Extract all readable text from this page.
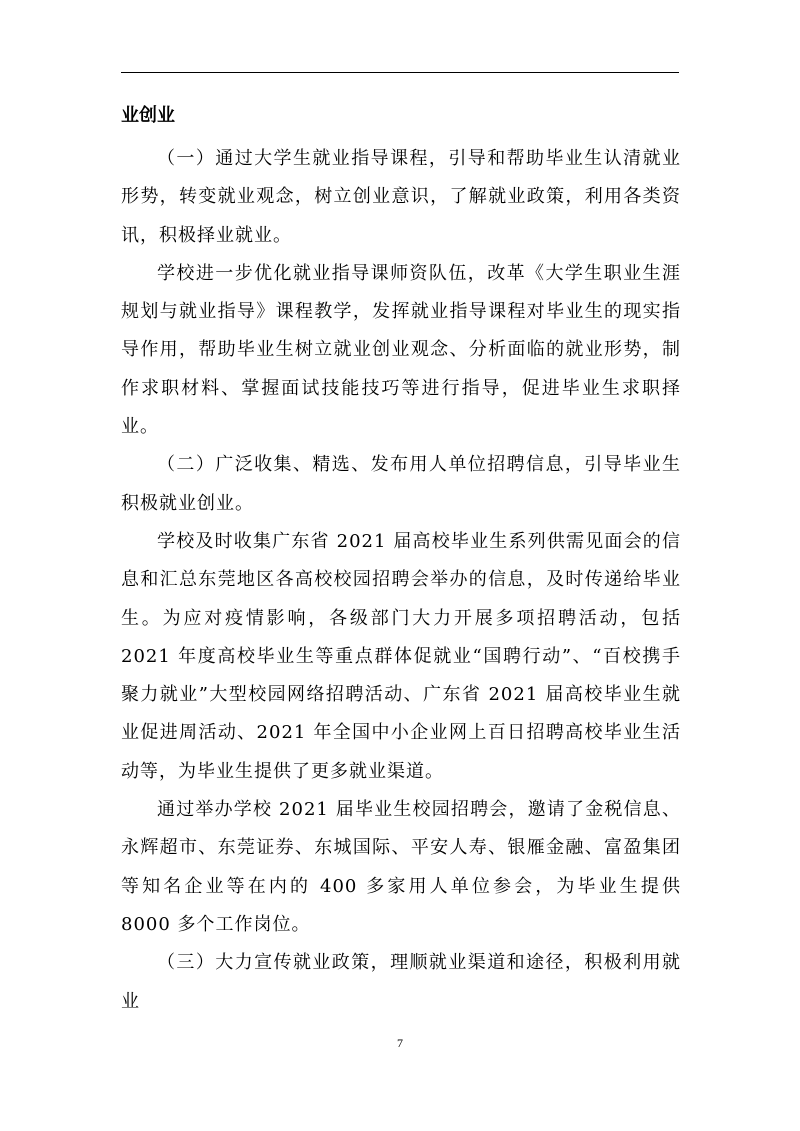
业创业

（一）通过大学生就业指导课程，引导和帮助毕业生认清就业形势，转变就业观念，树立创业意识，了解就业政策，利用各类资讯，积极择业就业。

学校进一步优化就业指导课师资队伍，改革《大学生职业生涯规划与就业指导》课程教学，发挥就业指导课程对毕业生的现实指导作用，帮助毕业生树立就业创业观念、分析面临的就业形势，制作求职材料、掌握面试技能技巧等进行指导，促进毕业生求职择业。

（二）广泛收集、精选、发布用人单位招聘信息，引导毕业生积极就业创业。

学校及时收集广东省 2021 届高校毕业生系列供需见面会的信息和汇总东莞地区各高校校园招聘会举办的信息，及时传递给毕业生。为应对疫情影响，各级部门大力开展多项招聘活动，包括 2021 年度高校毕业生等重点群体促就业“国聘行动”、“百校携手 聚力就业”大型校园网络招聘活动、广东省 2021 届高校毕业生就业促进周活动、2021 年全国中小企业网上百日招聘高校毕业生活动等，为毕业生提供了更多就业渠道。

通过举办学校 2021 届毕业生校园招聘会，邀请了金税信息、永辉超市、东莞证券、东城国际、平安人寿、银雁金融、富盈集团等知名企业等在内的 400 多家用人单位参会，为毕业生提供 8000 多个工作岗位。

（三）大力宣传就业政策，理顺就业渠道和途径，积极利用就业

7
